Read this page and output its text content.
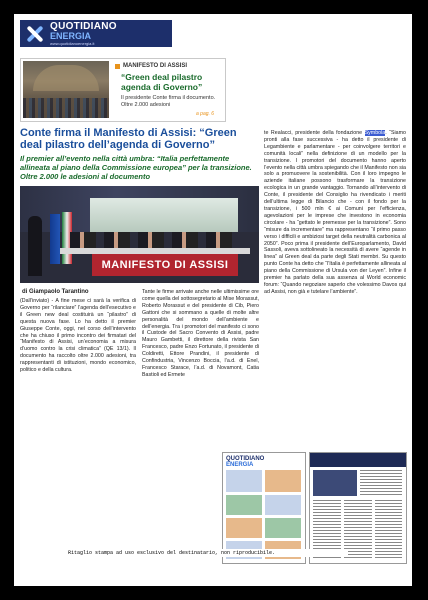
QUOTIDIANO
ENERGIA
www.quotidianoenergia.it
MANIFESTO DI ASSISI
“Green deal pilastro agenda di Governo”
Il presidente Conte firma il documento. Oltre 2.000 adesioni
a pag. 6
Conte firma il Manifesto di Assisi: “Green deal pilastro dell’agenda di Governo”
Il premier all’evento nella città umbra: “Italia perfettamente allineata al piano della Commissione europea” per la transizione. Oltre 2.000 le adesioni al documento
MANIFESTO DI ASSISI
di Giampaolo Tarantino
(Dall’inviato) - A fine mese ci sarà la verifica di Governo per “rilanciare” l’agenda dell’esecutivo e il Green new deal costituirà un “pilastro” di questa nuova fase. Lo ha detto il premier Giuseppe Conte, oggi, nel corso dell’intervento che ha chiuso il primo incontro dei firmatari del “Manifesto di Assisi, un’economia a misura d’uomo contro la crisi climatica” (QE 13/1). Il documento ha raccolto oltre 2.000 adesioni, tra rappresentanti di istituzioni, mondo economico, politico e della cultura.
Tante le firme arrivate anche nelle ultimissime ore come quella del sottosegretario al Mise Morassut, Roberto Morassut e del presidente di Cib, Piero Gattoni che si sommano a quelle di molte altre personalità del mondo dell’ambiente e dell’energia. Tra i promotori del manifesto ci sono il Custode del Sacro Convento di Assisi, padre Mauro Gambetti, il direttore della rivista San Francesco, padre Enzo Fortunato, il presidente di Coldiretti, Ettore Prandini, il presidente di Confindustria, Vincenzo Boccia, l’a.d. di Enel, Francesco Starace, l’a.d. di Novamont, Catia Bastioli ed Ermete
te Realacci, presidente della fondazione Symbola. “Siamo pronti alla fase successiva - ha detto il presidente di Legambiente e parlamentare - per coinvolgere territori e comunità locali” nella definizione di un modello per la transizione. I promotori del documento hanno aperto l’evento nella città umbra spiegando che il Manifesto non sia solo a promuovere la sostenibilità. Con il loro impegno le aziende italiane possono trasformare la transizione ecologica in un grande vantaggio. Tornando all’intervento di Conte, il presidente del Consiglio ha rivendicato i meriti dell’ultima legge di Bilancio che - con il fondo per la transizione, i 500 mln € ai Comuni per l’efficienza, agevolazioni per le imprese che investono in economia circolare - ha “gettato le premesse per la transizione”. Sono “misure da incrementare” ma rappresentano “il primo passo verso i difficili e ambiziosi target della neutralità carbonica al 2050”. Poco prima il presidente dell’Europarlamento, David Sassoli, aveva sottolineato la necessità di avere “agende in linea” al Green deal da parte degli Stati membri. Su questo punto Conte ha detto che “l’Italia è perfettamente allineata al piano della Commissione di Ursula von der Leyen”. Infine il premier ha parlato della sua assenza al World economic forum: “Quando negoziare saperlo che volessimo Davos qui ad Assisi, non già e tutelare l’ambiente”.
QUOTIDIANO
ENERGIA
Ritaglio stampa ad uso esclusivo del destinatario, non riproducibile.
